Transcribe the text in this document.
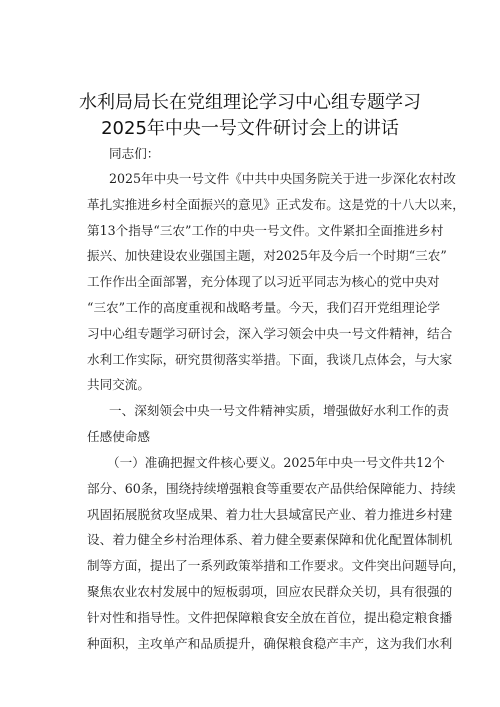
水利局局长在党组理论学习中心组专题学习
2025年中央一号文件研讨会上的讲话
同志们：
2025年中央一号文件《中共中央国务院关于进一步深化农村改
革扎实推进乡村全面振兴的意见》正式发布。这是党的十八大以来，
第13个指导“三农”工作的中央一号文件。文件紧扣全面推进乡村
振兴、加快建设农业强国主题，对2025年及今后一个时期“三农”
工作作出全面部署，充分体现了以习近平同志为核心的党中央对
“三农”工作的高度重视和战略考量。今天，我们召开党组理论学
习中心组专题学习研讨会，深入学习领会中央一号文件精神，结合
水利工作实际，研究贯彻落实举措。下面，我谈几点体会，与大家
共同交流。
一、深刻领会中央一号文件精神实质，增强做好水利工作的责
任感使命感
（一）准确把握文件核心要义。2025年中央一号文件共12个
部分、60条，围绕持续增强粮食等重要农产品供给保障能力、持续
巩固拓展脱贫攻坚成果、着力壮大县域富民产业、着力推进乡村建
设、着力健全乡村治理体系、着力健全要素保障和优化配置体制机
制等方面，提出了一系列政策举措和工作要求。文件突出问题导向，
聚焦农业农村发展中的短板弱项，回应农民群众关切，具有很强的
针对性和指导性。文件把保障粮食安全放在首位，提出稳定粮食播
种面积，主攻单产和品质提升，确保粮食稳产丰产，这为我们水利
